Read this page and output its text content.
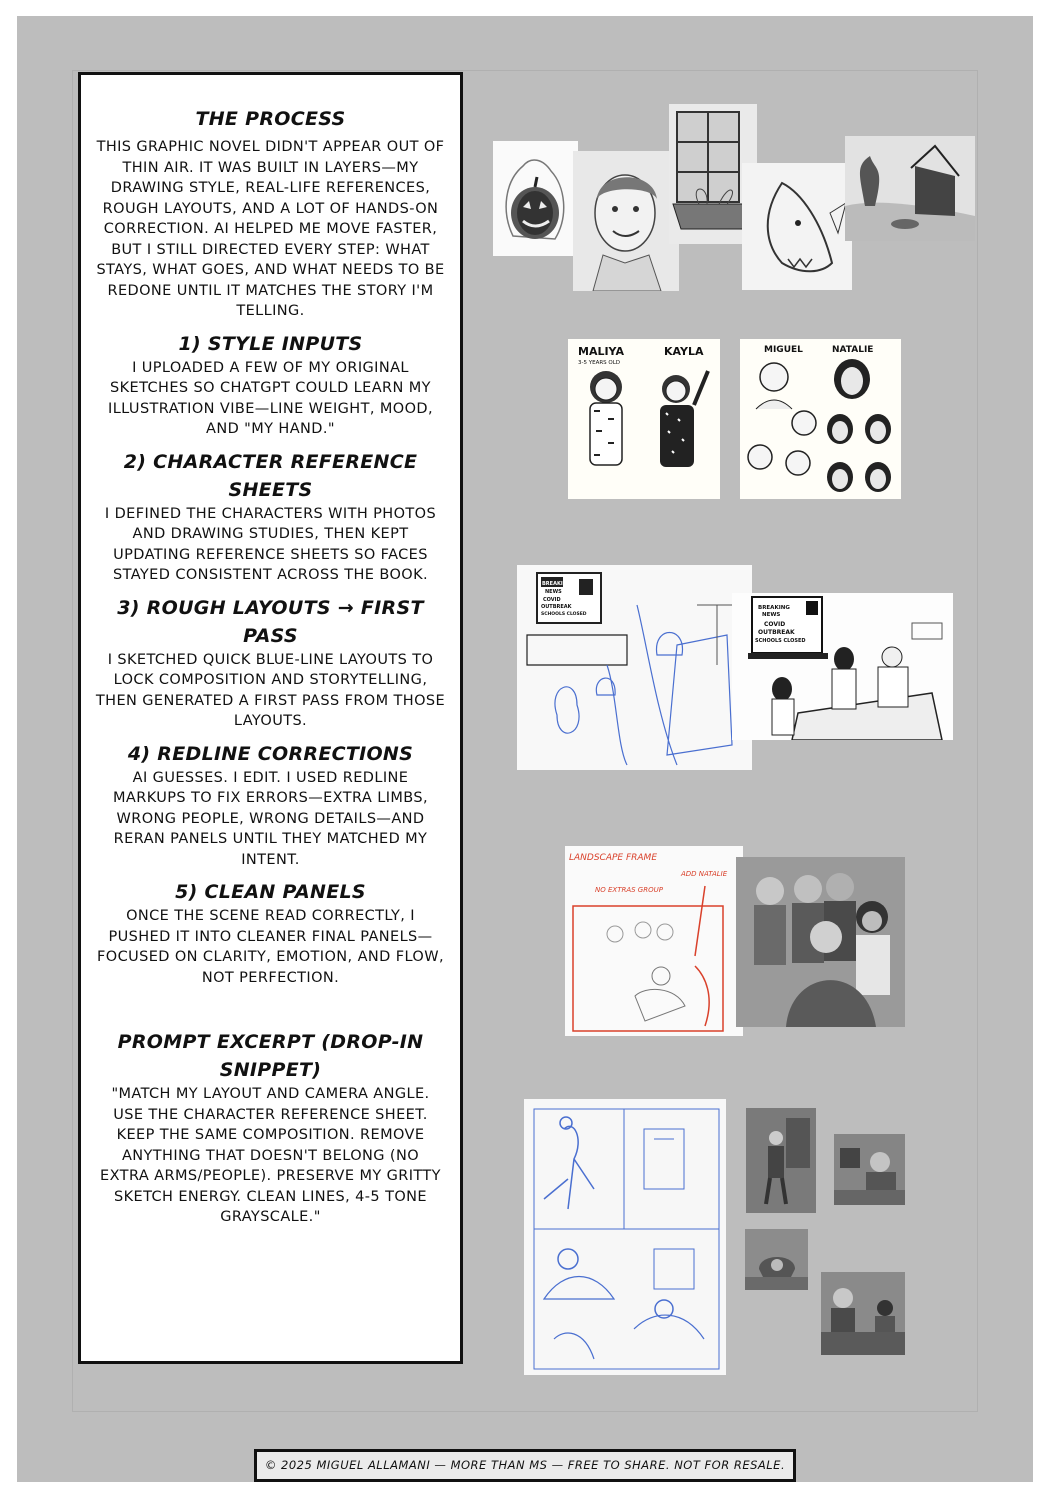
THE PROCESS
THIS GRAPHIC NOVEL DIDN'T APPEAR OUT OF THIN AIR. IT WAS BUILT IN LAYERS—MY DRAWING STYLE, REAL-LIFE REFERENCES, ROUGH LAYOUTS, AND A LOT OF HANDS-ON CORRECTION. AI HELPED ME MOVE FASTER, BUT I STILL DIRECTED EVERY STEP: WHAT STAYS, WHAT GOES, AND WHAT NEEDS TO BE REDONE UNTIL IT MATCHES THE STORY I'M TELLING.
1) STYLE INPUTS
I UPLOADED A FEW OF MY ORIGINAL SKETCHES SO CHATGPT COULD LEARN MY ILLUSTRATION VIBE—LINE WEIGHT, MOOD, AND "MY HAND."
2) CHARACTER REFERENCE SHEETS
I DEFINED THE CHARACTERS WITH PHOTOS AND DRAWING STUDIES, THEN KEPT UPDATING REFERENCE SHEETS SO FACES STAYED CONSISTENT ACROSS THE BOOK.
3) ROUGH LAYOUTS → FIRST PASS
I SKETCHED QUICK BLUE-LINE LAYOUTS TO LOCK COMPOSITION AND STORYTELLING, THEN GENERATED A FIRST PASS FROM THOSE LAYOUTS.
4) REDLINE CORRECTIONS
AI GUESSES. I EDIT. I USED REDLINE MARKUPS TO FIX ERRORS—EXTRA LIMBS, WRONG PEOPLE, WRONG DETAILS—AND RERAN PANELS UNTIL THEY MATCHED MY INTENT.
5) CLEAN PANELS
ONCE THE SCENE READ CORRECTLY, I PUSHED IT INTO CLEANER FINAL PANELS—FOCUSED ON CLARITY, EMOTION, AND FLOW, NOT PERFECTION.
PROMPT EXCERPT (DROP-IN SNIPPET)
"MATCH MY LAYOUT AND CAMERA ANGLE. USE THE CHARACTER REFERENCE SHEET. KEEP THE SAME COMPOSITION. REMOVE ANYTHING THAT DOESN'T BELONG (NO EXTRA ARMS/PEOPLE). PRESERVE MY GRITTY SKETCH ENERGY. CLEAN LINES, 4-5 TONE GRAYSCALE."
MALIYA
3-5 YEARS OLD
KAYLA	MIGUEL	NATALIE
BREAKING
NEWS
COVID
OUTBREAK
SCHOOLS CLOSED
BREAKING
NEWS
COVID
OUTBREAK
SCHOOLS CLOSED
LANDSCAPE FRAME
NO EXTRAS GROUP
ADD NATALIE
© 2025 MIGUEL ALLAMANI — MORE THAN MS — FREE TO SHARE. NOT FOR RESALE.
